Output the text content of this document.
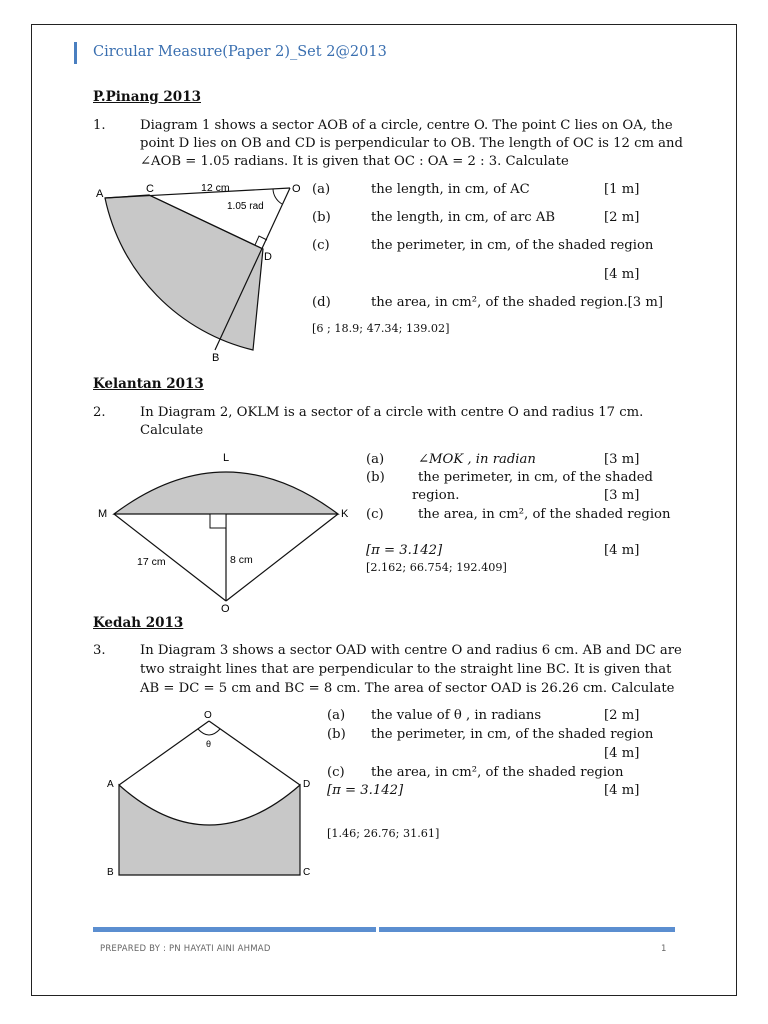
Circular Measure(Paper 2)_Set 2@2013
P.Pinang 2013
1.	Diagram 1 shows a sector AOB of a circle, centre O. The point C lies on OA, the
point D lies on OB and CD is perpendicular to OB. The length of OC is 12 cm and
∠AOB = 1.05 radians. It is given that OC : OA = 2 : 3. Calculate
A	C	O
D
B
12 cm
1.05 rad
(a)	the length, in cm, of AC	[1 m]
(b)	the length, in cm, of arc AB	[2 m]
(c)	the perimeter, in cm, of the shaded region
[4 m]
(d)	the area, in cm², of the shaded region.[3 m]
[6 ; 18.9; 47.34; 139.02]
Kelantan 2013
2.	In Diagram 2, OKLM is a sector of a circle with centre O and radius 17 cm.
Calculate
L
M	K
O
17 cm	8 cm
(a)	∠MOK , in radian	[3 m]
(b)	the perimeter, in cm, of the shaded
region.	[3 m]
(c)	the area, in cm², of the shaded region
[π = 3.142]	[4 m]
[2.162; 66.754; 192.409]
Kedah 2013
3.	In Diagram 3 shows a sector OAD with centre O and radius 6 cm. AB and DC are
two straight lines that are perpendicular to the straight line BC. It is given that
AB = DC = 5 cm and BC = 8 cm. The area of sector OAD is 26.26 cm. Calculate
O
θ
A	D
B	C
(a) the value of θ , in radians	[2 m]
(b) the perimeter, in cm, of the shaded region
[4 m]
(c) the area, in cm², of the shaded region
[π = 3.142]	[4 m]
[1.46; 26.76; 31.61]
PREPARED BY : PN HAYATI AINI AHMAD	1
